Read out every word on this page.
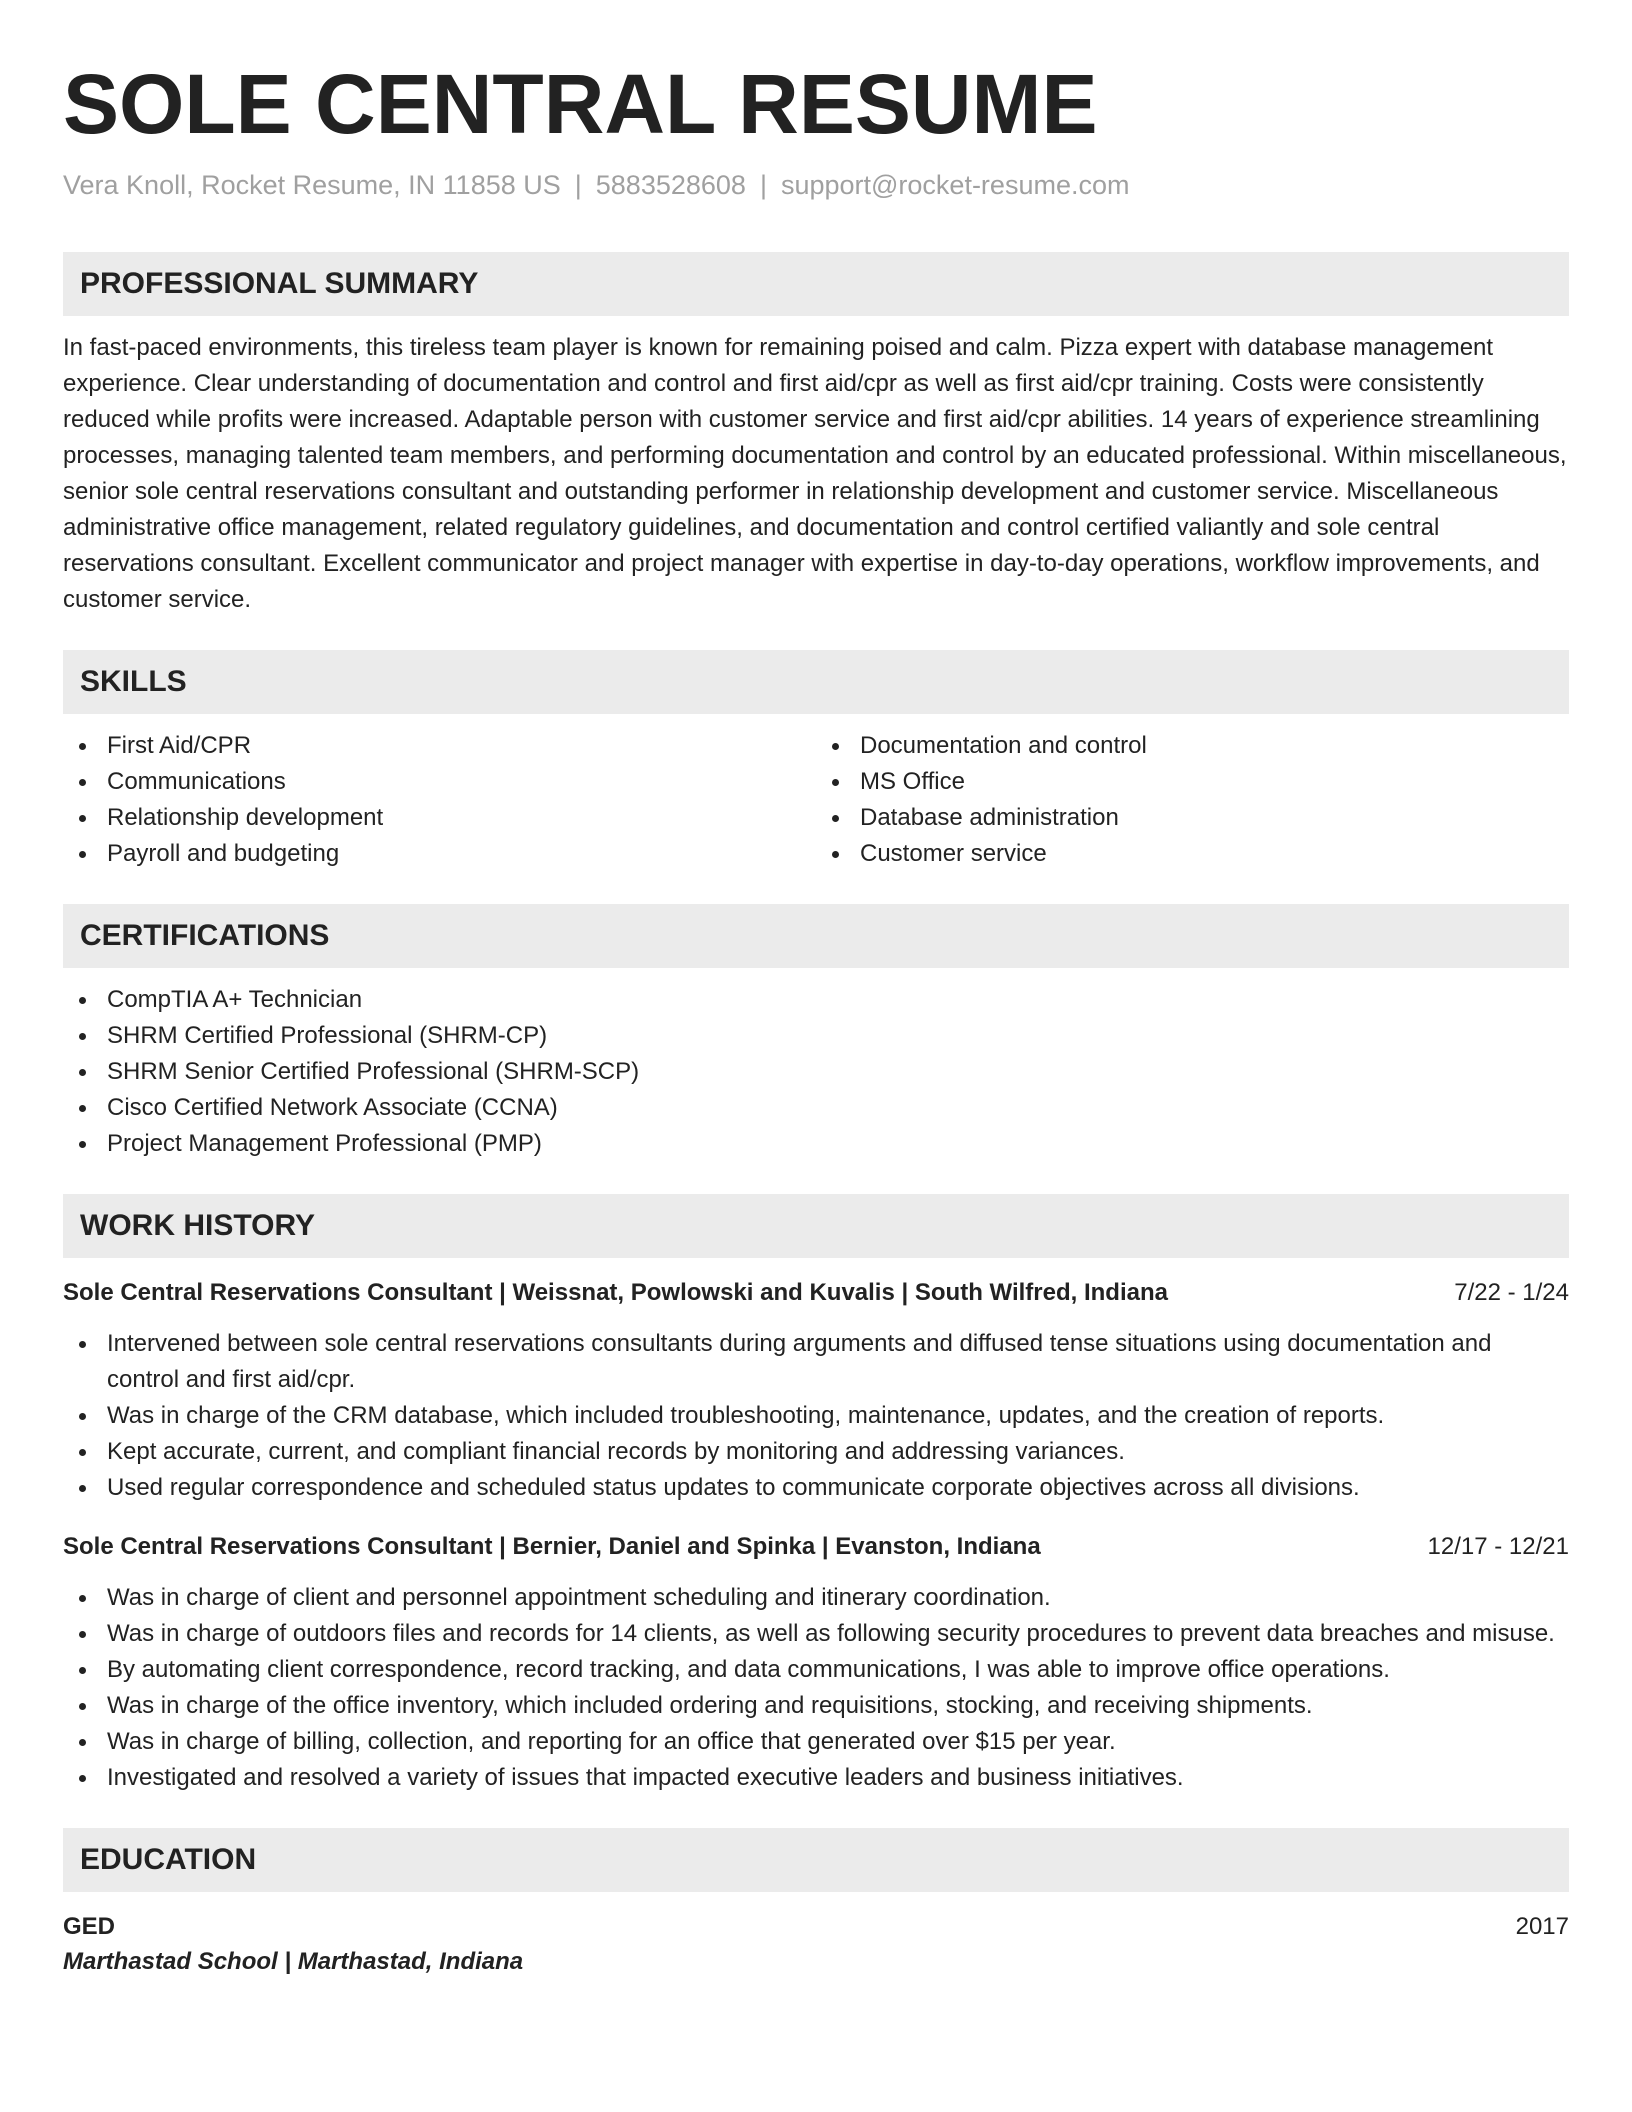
SOLE CENTRAL RESUME
Vera Knoll, Rocket Resume, IN 11858 US | 5883528608 | support@rocket-resume.com
PROFESSIONAL SUMMARY
In fast-paced environments, this tireless team player is known for remaining poised and calm. Pizza expert with database management experience. Clear understanding of documentation and control and first aid/cpr as well as first aid/cpr training. Costs were consistently reduced while profits were increased. Adaptable person with customer service and first aid/cpr abilities. 14 years of experience streamlining processes, managing talented team members, and performing documentation and control by an educated professional. Within miscellaneous, senior sole central reservations consultant and outstanding performer in relationship development and customer service. Miscellaneous administrative office management, related regulatory guidelines, and documentation and control certified valiantly and sole central reservations consultant. Excellent communicator and project manager with expertise in day-to-day operations, workflow improvements, and customer service.
SKILLS
First Aid/CPR
Communications
Relationship development
Payroll and budgeting
Documentation and control
MS Office
Database administration
Customer service
CERTIFICATIONS
CompTIA A+ Technician
SHRM Certified Professional (SHRM-CP)
SHRM Senior Certified Professional (SHRM-SCP)
Cisco Certified Network Associate (CCNA)
Project Management Professional (PMP)
WORK HISTORY
Sole Central Reservations Consultant | Weissnat, Powlowski and Kuvalis | South Wilfred, Indiana	7/22 - 1/24
Intervened between sole central reservations consultants during arguments and diffused tense situations using documentation and control and first aid/cpr.
Was in charge of the CRM database, which included troubleshooting, maintenance, updates, and the creation of reports.
Kept accurate, current, and compliant financial records by monitoring and addressing variances.
Used regular correspondence and scheduled status updates to communicate corporate objectives across all divisions.
Sole Central Reservations Consultant | Bernier, Daniel and Spinka | Evanston, Indiana	12/17 - 12/21
Was in charge of client and personnel appointment scheduling and itinerary coordination.
Was in charge of outdoors files and records for 14 clients, as well as following security procedures to prevent data breaches and misuse.
By automating client correspondence, record tracking, and data communications, I was able to improve office operations.
Was in charge of the office inventory, which included ordering and requisitions, stocking, and receiving shipments.
Was in charge of billing, collection, and reporting for an office that generated over $15 per year.
Investigated and resolved a variety of issues that impacted executive leaders and business initiatives.
EDUCATION
GED	2017
Marthastad School | Marthastad, Indiana
